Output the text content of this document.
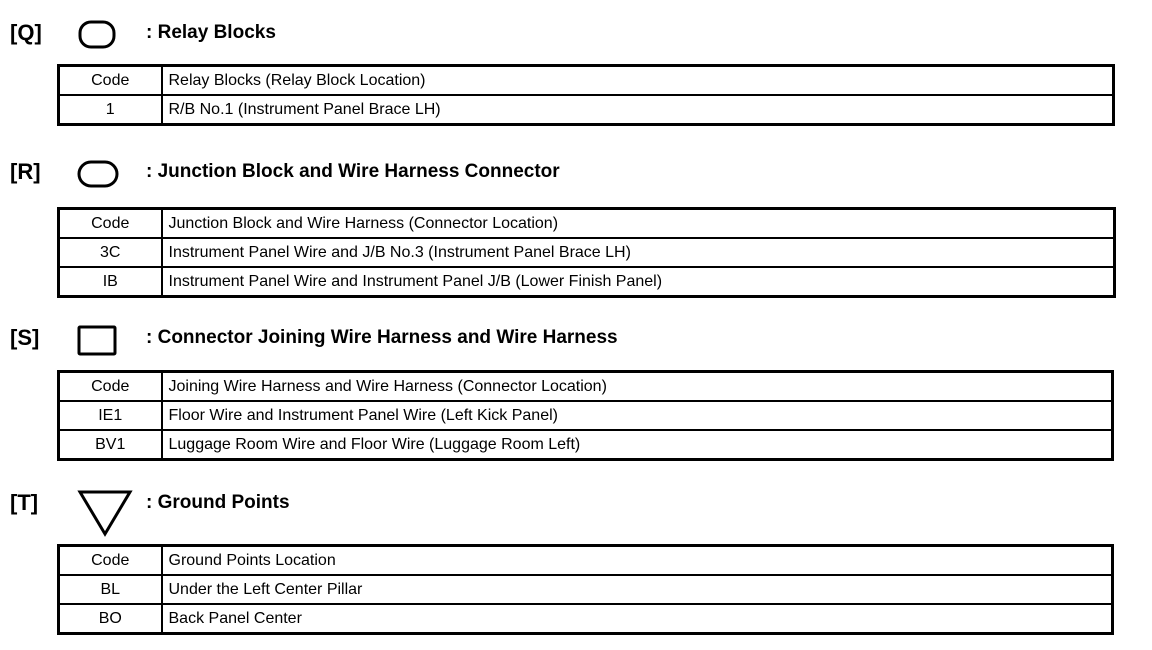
[Q]	: Relay Blocks
Code	Relay Blocks (Relay Block Location)
1	R/B No.1 (Instrument Panel Brace LH)
[R]	: Junction Block and Wire Harness Connector
Code	Junction Block and Wire Harness (Connector Location)
3C	Instrument Panel Wire and J/B No.3 (Instrument Panel Brace LH)
IB	Instrument Panel Wire and Instrument Panel J/B (Lower Finish Panel)
[S]	: Connector Joining Wire Harness and Wire Harness
Code	Joining Wire Harness and Wire Harness (Connector Location)
IE1	Floor Wire and Instrument Panel Wire (Left Kick Panel)
BV1	Luggage Room Wire and Floor Wire (Luggage Room Left)
[T]	: Ground Points
Code	Ground Points Location
BL	Under the Left Center Pillar
BO	Back Panel Center
